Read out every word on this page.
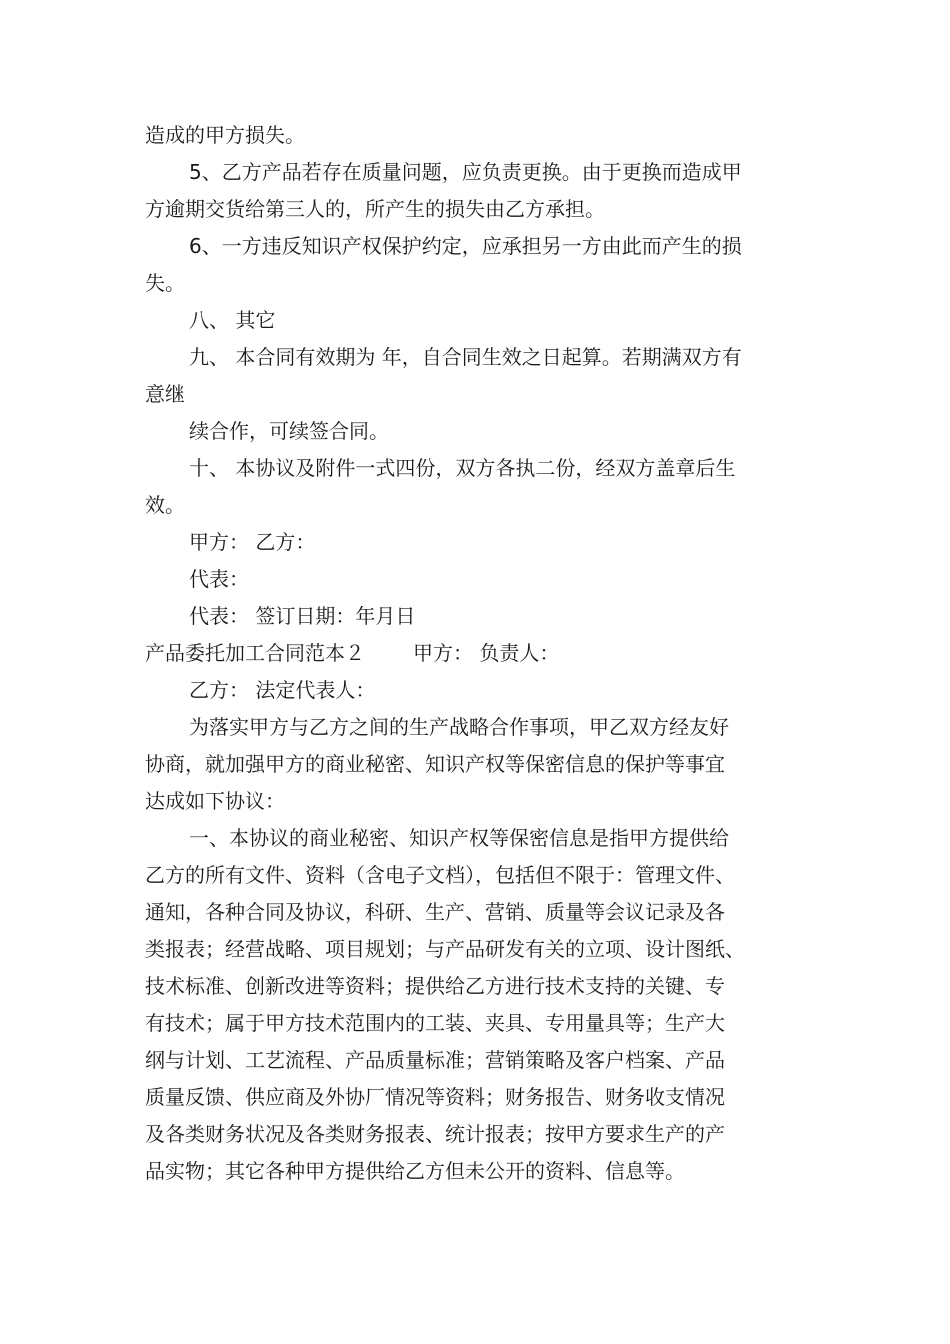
造成的甲方损失。

5、乙方产品若存在质量问题，应负责更换。由于更换而造成甲

方逾期交货给第三人的，所产生的损失由乙方承担。

6、一方违反知识产权保护约定，应承担另一方由此而产生的损

失。

八、 其它

九、 本合同有效期为 年，自合同生效之日起算。若期满双方有

意继

续合作，可续签合同。

十、 本协议及附件一式四份，双方各执二份，经双方盖章后生

效。

甲方： 乙方：

代表：

代表： 签订日期：年月日

产品委托加工合同范本２ 甲方： 负责人：

乙方： 法定代表人：

为落实甲方与乙方之间的生产战略合作事项，甲乙双方经友好

协商，就加强甲方的商业秘密、知识产权等保密信息的保护等事宜

达成如下协议：

一、本协议的商业秘密、知识产权等保密信息是指甲方提供给

乙方的所有文件、资料（含电子文档），包括但不限于：管理文件、

通知，各种合同及协议，科研、生产、营销、质量等会议记录及各

类报表；经营战略、项目规划；与产品研发有关的立项、设计图纸、

技术标准、创新改进等资料；提供给乙方进行技术支持的关键、专

有技术；属于甲方技术范围内的工装、夹具、专用量具等；生产大

纲与计划、工艺流程、产品质量标准；营销策略及客户档案、产品

质量反馈、供应商及外协厂情况等资料；财务报告、财务收支情况

及各类财务状况及各类财务报表、统计报表；按甲方要求生产的产

品实物；其它各种甲方提供给乙方但未公开的资料、信息等。
